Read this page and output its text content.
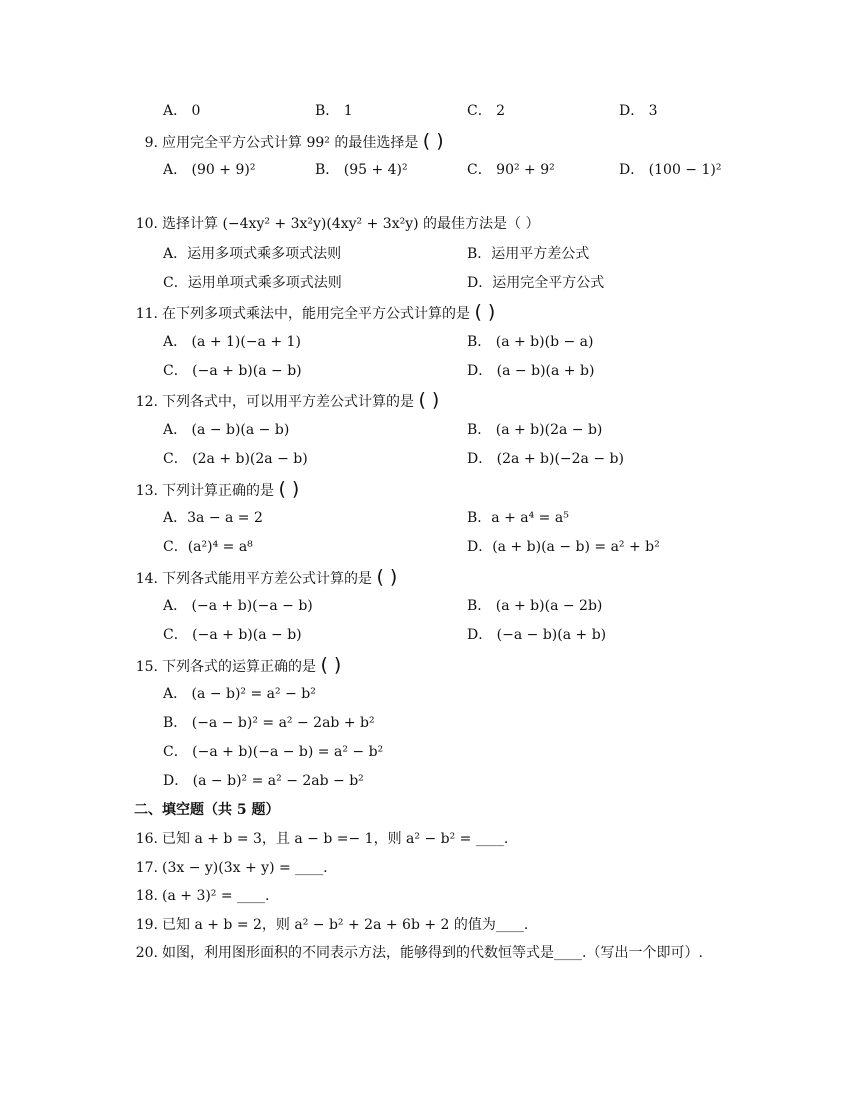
A． 0	B． 1	C． 2	D． 3
9. 应用完全平方公式计算 99² 的最佳选择是 ( )
A． (90 + 9)²	B． (95 + 4)²	C． 90² + 9²	D． (100 − 1)²
10. 选择计算 (−4xy² + 3x²y)(4xy² + 3x²y) 的最佳方法是（ ）
A．运用多项式乘多项式法则	B．运用平方差公式
C．运用单项式乘多项式法则	D．运用完全平方公式
11. 在下列多项式乘法中，能用完全平方公式计算的是 ( )
A． (a + 1)(−a + 1)	B． (a + b)(b − a)
C． (−a + b)(a − b)	D． (a − b)(a + b)
12. 下列各式中，可以用平方差公式计算的是 ( )
A． (a − b)(a − b)	B． (a + b)(2a − b)
C． (2a + b)(2a − b)	D． (2a + b)(−2a − b)
13. 下列计算正确的是 ( )
A．3a − a = 2	B．a + a⁴ = a⁵
C．(a²)⁴ = a⁸	D．(a + b)(a − b) = a² + b²
14. 下列各式能用平方差公式计算的是 ( )
A． (−a + b)(−a − b)	B． (a + b)(a − 2b)
C． (−a + b)(a − b)	D． (−a − b)(a + b)
15. 下列各式的运算正确的是 ( )
A． (a − b)² = a² − b²
B． (−a − b)² = a² − 2ab + b²
C． (−a + b)(−a − b) = a² − b²
D． (a − b)² = a² − 2ab − b²
二、填空题（共 5 题）
16. 已知 a + b = 3，且 a − b =− 1，则 a² − b² = ____.
17. (3x − y)(3x + y) = ____.
18. (a + 3)² = ____.
19. 已知 a + b = 2，则 a² − b² + 2a + 6b + 2 的值为____.
20. 如图，利用图形面积的不同表示方法，能够得到的代数恒等式是____.（写出一个即可）.
